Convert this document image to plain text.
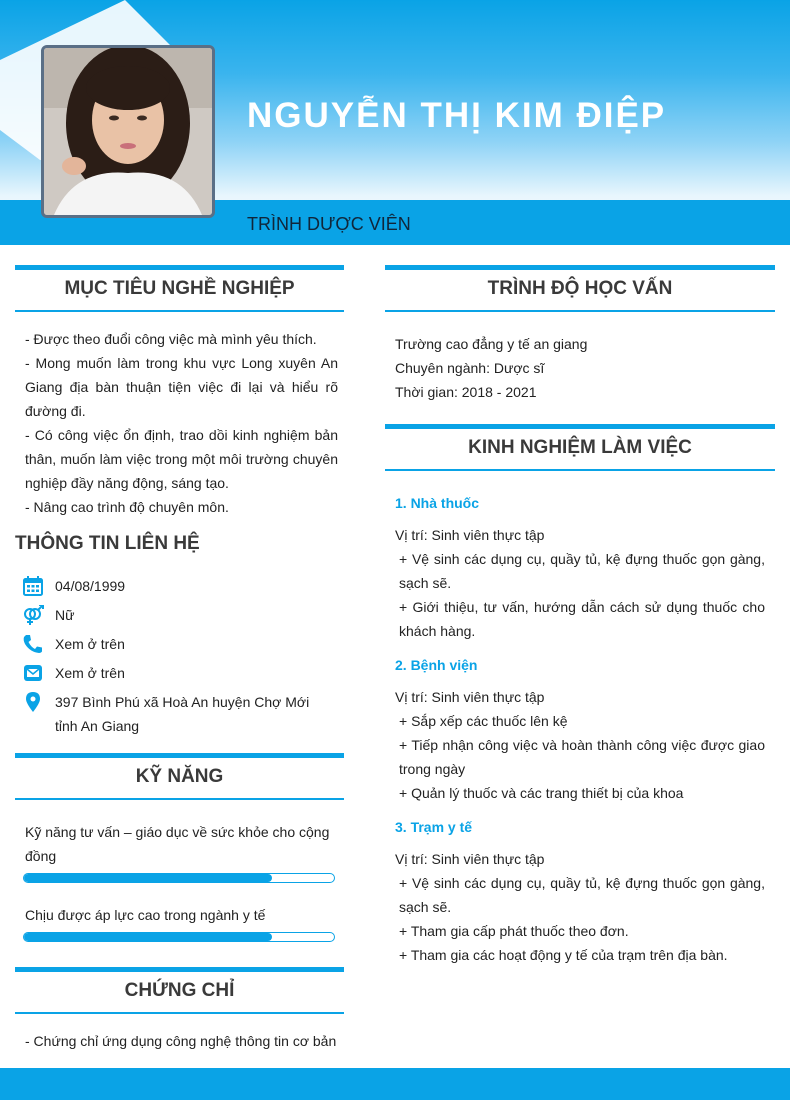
NGUYỄN THỊ KIM ĐIỆP
TRÌNH DƯỢC VIÊN
MỤC TIÊU NGHỀ NGHIỆP
- Được theo đuổi công việc mà mình yêu thích.
- Mong muốn làm trong khu vực Long xuyên An Giang địa bàn thuận tiện việc đi lại và hiểu rõ đường đi.
- Có công việc ổn định, trao dồi kinh nghiệm bản thân, muốn làm việc trong một môi trường chuyên nghiệp đầy năng động, sáng tạo.
- Nâng cao trình độ chuyên môn.
THÔNG TIN LIÊN HỆ
04/08/1999
Nữ
Xem ở trên
Xem ở trên
397 Bình Phú xã Hoà An huyện Chợ Mới tỉnh An Giang
KỸ NĂNG
Kỹ năng tư vấn – giáo dục về sức khỏe cho cộng đồng
Chịu được áp lực cao trong ngành y tế
CHỨNG CHỈ
- Chứng chỉ ứng dụng công nghệ thông tin cơ bản
TRÌNH ĐỘ HỌC VẤN
Trường cao đẳng y tế an giang
Chuyên ngành: Dược sĩ
Thời gian: 2018 - 2021
KINH NGHIỆM LÀM VIỆC
1. Nhà thuốc
Vị trí: Sinh viên thực tập
+ Vệ sinh các dụng cụ, quầy tủ, kệ đựng thuốc gọn gàng, sạch sẽ.
+ Giới thiệu, tư vấn, hướng dẫn cách sử dụng thuốc cho khách hàng.
2. Bệnh viện
Vị trí: Sinh viên thực tập
+ Sắp xếp các thuốc lên kệ
+ Tiếp nhận công việc và hoàn thành công việc được giao trong ngày
+ Quản lý thuốc và các trang thiết bị của khoa
3. Trạm y tế
Vị trí: Sinh viên thực tập
+ Vệ sinh các dụng cụ, quầy tủ, kệ đựng thuốc gọn gàng, sạch sẽ.
+ Tham gia cấp phát thuốc theo đơn.
+ Tham gia các hoạt động y tế của trạm trên địa bàn.
